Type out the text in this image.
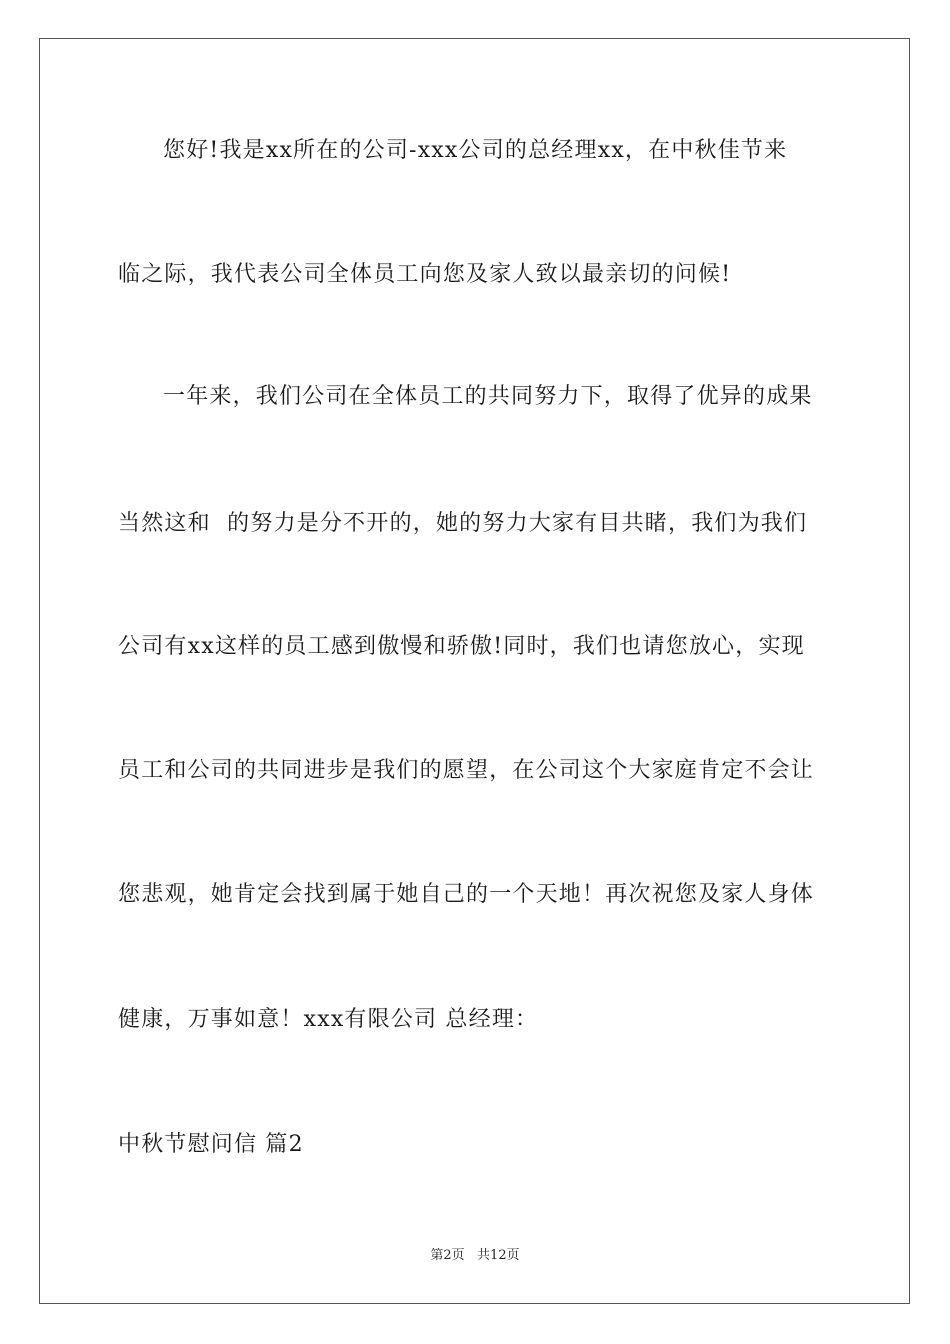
您好!我是xx所在的公司-xxx公司的总经理xx，在中秋佳节来
临之际，我代表公司全体员工向您及家人致以最亲切的问候!
一年来，我们公司在全体员工的共同努力下，取得了优异的成果
当然这和  的努力是分不开的，她的努力大家有目共睹，我们为我们
公司有xx这样的员工感到傲慢和骄傲!同时，我们也请您放心，实现
员工和公司的共同进步是我们的愿望，在公司这个大家庭肯定不会让
您悲观，她肯定会找到属于她自己的一个天地！再次祝您及家人身体
健康，万事如意！xxx有限公司 总经理：
中秋节慰问信 篇2
第2页   共12页
